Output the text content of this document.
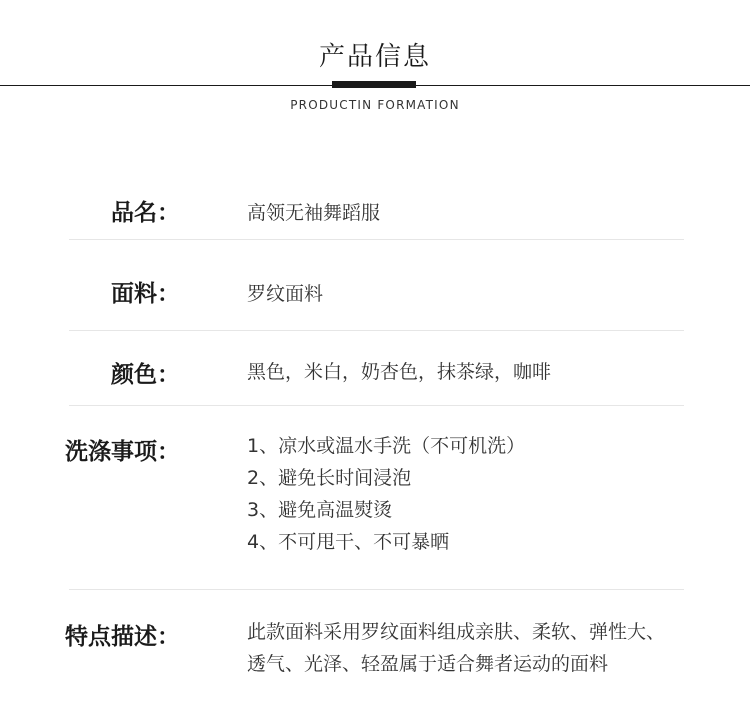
产品信息
PRODUCTIN FORMATION
品名：	高领无袖舞蹈服
面料：	罗纹面料
颜色：	黑色，米白，奶杏色，抹茶绿，咖啡
洗涤事项：	1、凉水或温水手洗（不可机洗）
2、避免长时间浸泡
3、避免高温熨烫
4、不可甩干、不可暴晒
特点描述：	此款面料采用罗纹面料组成亲肤、柔软、弹性大、
透气、光泽、轻盈属于适合舞者运动的面料
